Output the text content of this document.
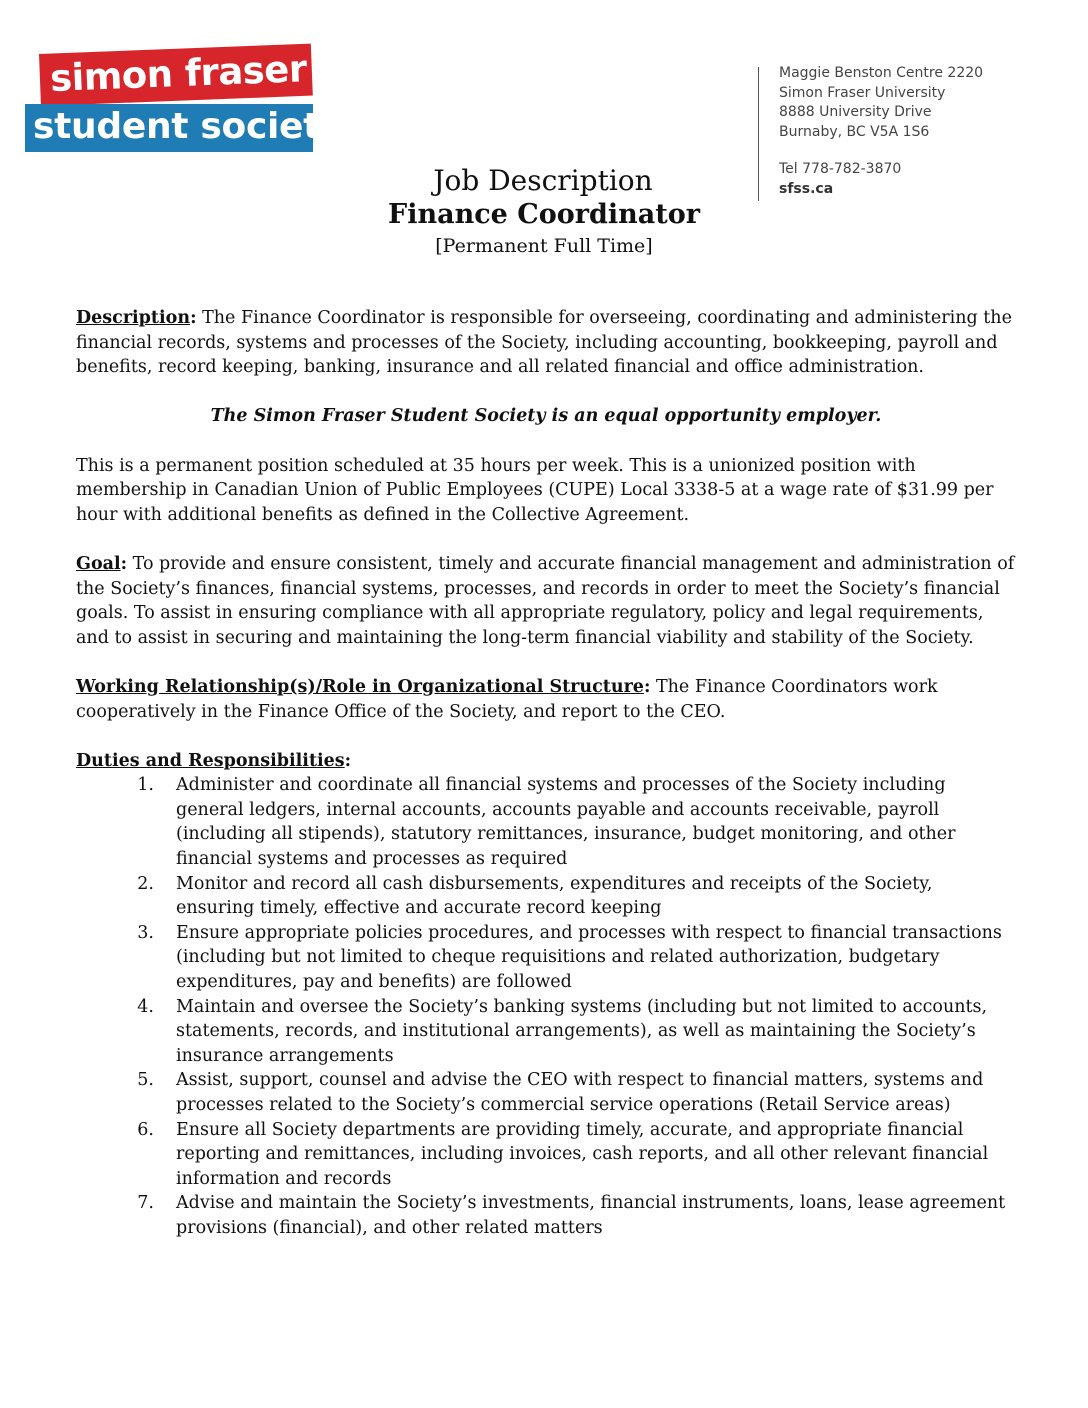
simon fraser
student society
Maggie Benston Centre 2220
Simon Fraser University
8888 University Drive
Burnaby, BC V5A 1S6
Tel 778-782-3870
sfss.ca
Job Description
Finance Coordinator
[Permanent Full Time]

Description: The Finance Coordinator is responsible for overseeing, coordinating and administering the financial records, systems and processes of the Society, including accounting, bookkeeping, payroll and benefits, record keeping, banking, insurance and all related financial and office administration.

The Simon Fraser Student Society is an equal opportunity employer.

This is a permanent position scheduled at 35 hours per week. This is a unionized position with membership in Canadian Union of Public Employees (CUPE) Local 3338-5 at a wage rate of $31.99 per hour with additional benefits as defined in the Collective Agreement.

Goal: To provide and ensure consistent, timely and accurate financial management and administration of the Society’s finances, financial systems, processes, and records in order to meet the Society’s financial goals. To assist in ensuring compliance with all appropriate regulatory, policy and legal requirements, and to assist in securing and maintaining the long-term financial viability and stability of the Society.

Working Relationship(s)/Role in Organizational Structure: The Finance Coordinators work cooperatively in the Finance Office of the Society, and report to the CEO.

Duties and Responsibilities:

1.	Administer and coordinate all financial systems and processes of the Society including general ledgers, internal accounts, accounts payable and accounts receivable, payroll (including all stipends), statutory remittances, insurance, budget monitoring, and other financial systems and processes as required
2.	Monitor and record all cash disbursements, expenditures and receipts of the Society, ensuring timely, effective and accurate record keeping
3.	Ensure appropriate policies procedures, and processes with respect to financial transactions (including but not limited to cheque requisitions and related authorization, budgetary expenditures, pay and benefits) are followed
4.	Maintain and oversee the Society’s banking systems (including but not limited to accounts, statements, records, and institutional arrangements), as well as maintaining the Society’s insurance arrangements
5.	Assist, support, counsel and advise the CEO with respect to financial matters, systems and processes related to the Society’s commercial service operations (Retail Service areas)
6.	Ensure all Society departments are providing timely, accurate, and appropriate financial reporting and remittances, including invoices, cash reports, and all other relevant financial information and records
7.	Advise and maintain the Society’s investments, financial instruments, loans, lease agreement provisions (financial), and other related matters
